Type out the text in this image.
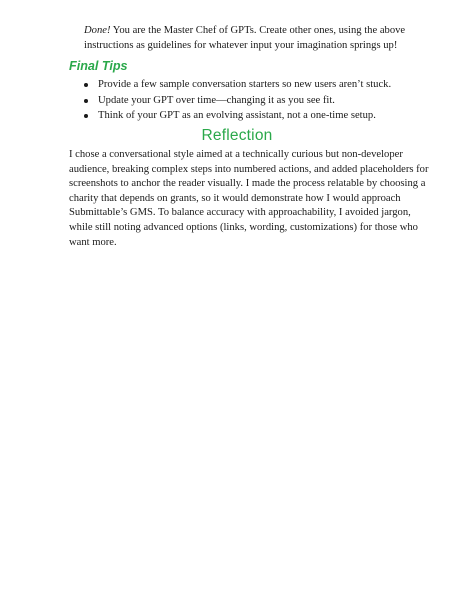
Done! You are the Master Chef of GPTs. Create other ones, using the above
instructions as guidelines for whatever input your imagination springs up!
Final Tips
Provide a few sample conversation starters so new users aren’t stuck.
Update your GPT over time—changing it as you see fit.
Think of your GPT as an evolving assistant, not a one-time setup.
Reflection
I chose a conversational style aimed at a technically curious but non-developer
audience, breaking complex steps into numbered actions, and added placeholders for
screenshots to anchor the reader visually. I made the process relatable by choosing a
charity that depends on grants, so it would demonstrate how I would approach
Submittable’s GMS. To balance accuracy with approachability, I avoided jargon,
while still noting advanced options (links, wording, customizations) for those who
want more.
